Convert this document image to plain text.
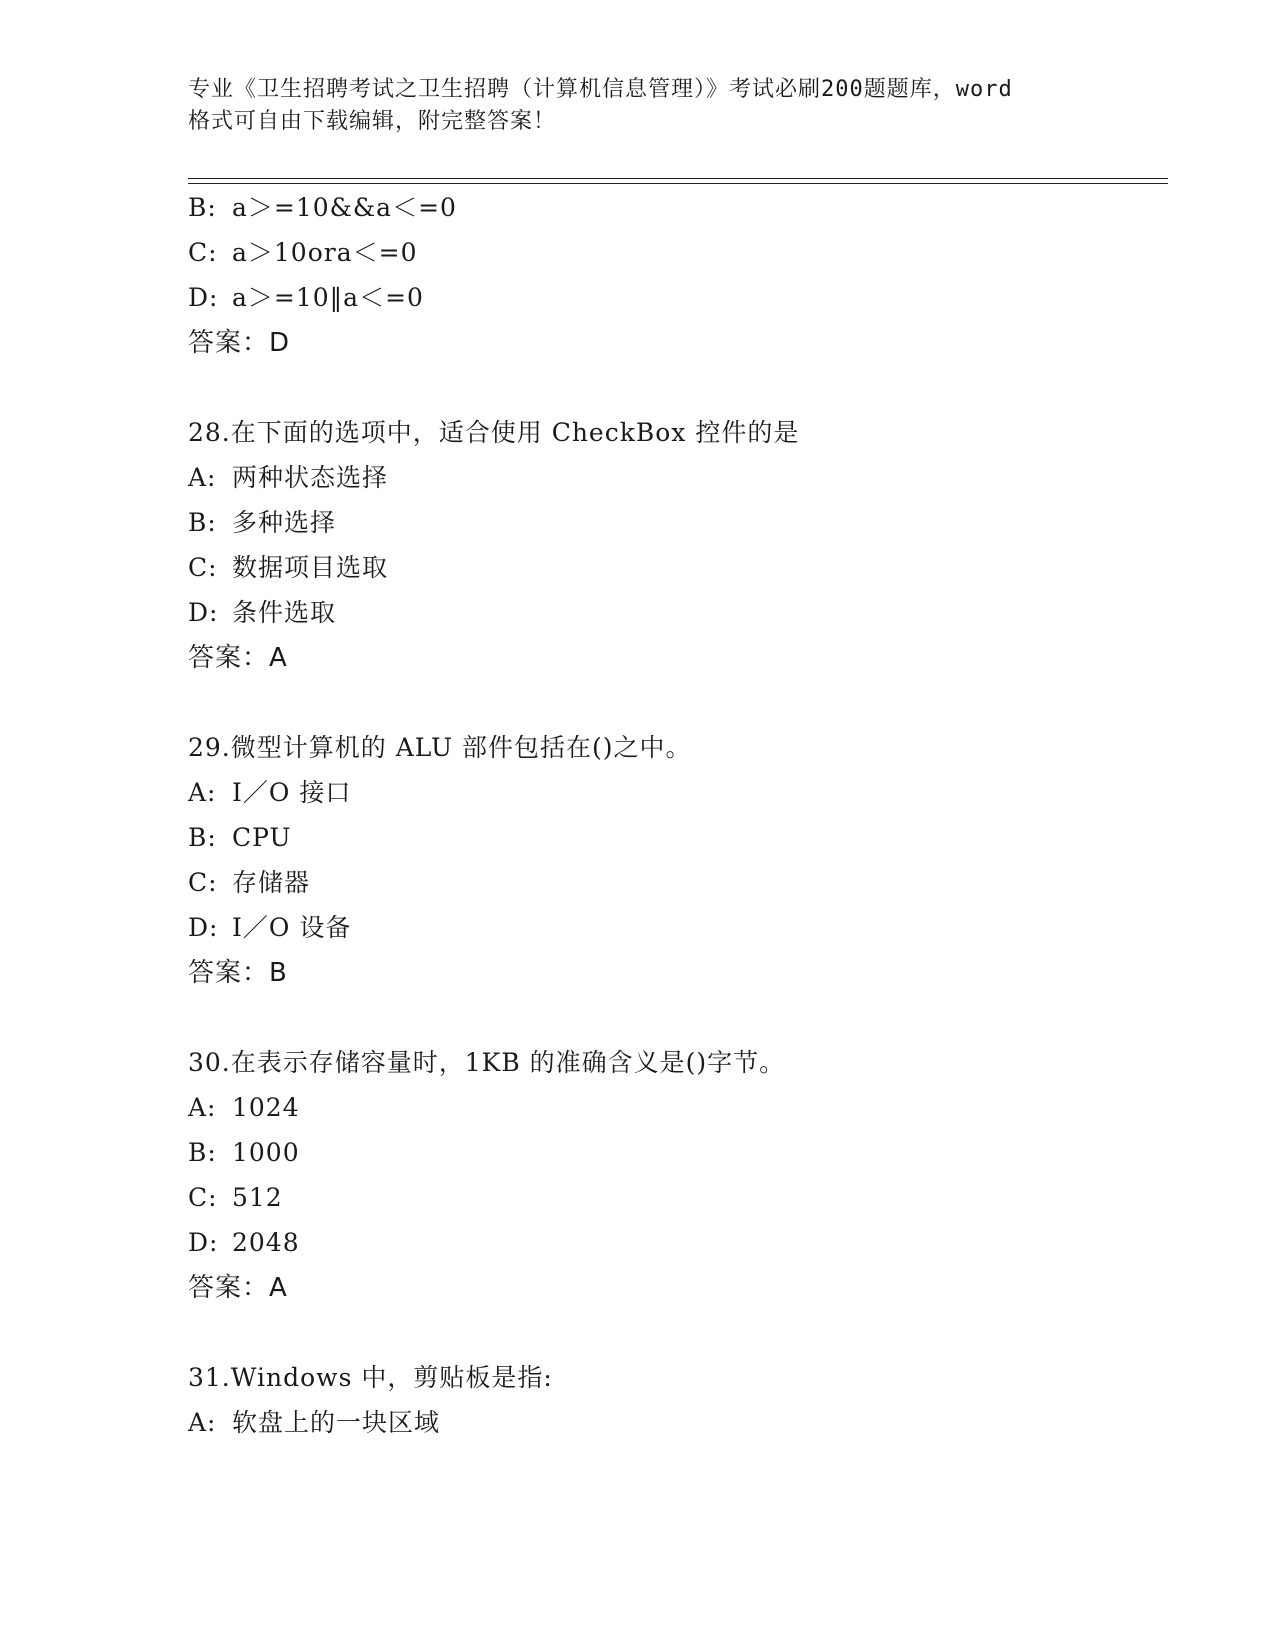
专业《卫生招聘考试之卫生招聘（计算机信息管理）》考试必刷200题题库，word
格式可自由下载编辑，附完整答案！
B: a＞=10&&a＜=0
C: a＞10ora＜=0
D: a＞=10‖a＜=0
答案：D
28.在下面的选项中，适合使用 CheckBox 控件的是
A: 两种状态选择
B: 多种选择
C: 数据项目选取
D: 条件选取
答案：A
29.微型计算机的 ALU 部件包括在()之中。
A: I／O 接口
B: CPU
C: 存储器
D: I／O 设备
答案：B
30.在表示存储容量时，1KB 的准确含义是()字节。
A: 1024
B: 1000
C: 512
D: 2048
答案：A
31.Windows 中，剪贴板是指:
A: 软盘上的一块区域
